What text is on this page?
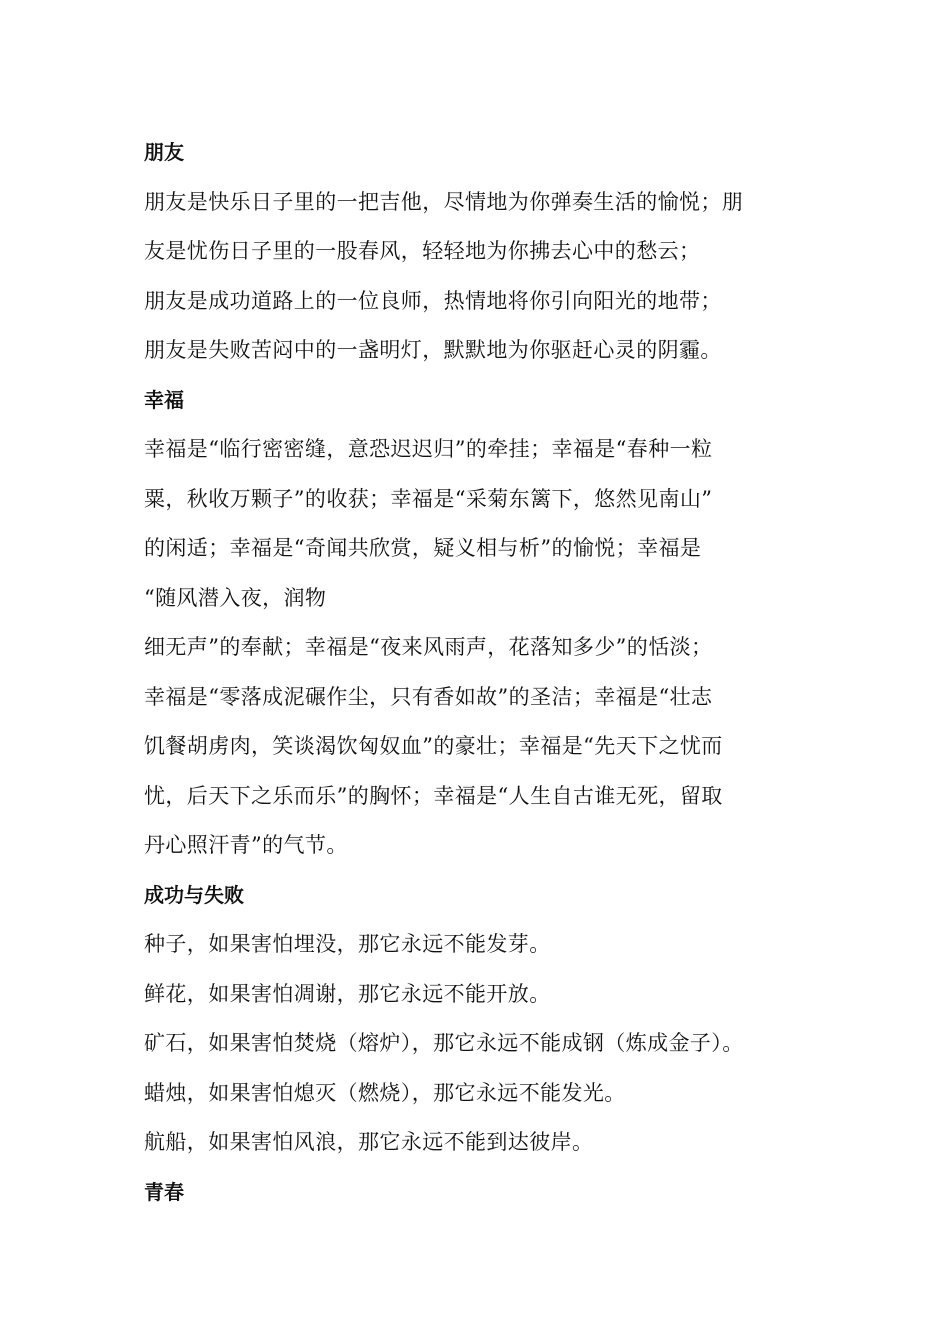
朋友
朋友是快乐日子里的一把吉他，尽情地为你弹奏生活的愉悦；朋
友是忧伤日子里的一股春风，轻轻地为你拂去心中的愁云；
朋友是成功道路上的一位良师，热情地将你引向阳光的地带；
朋友是失败苦闷中的一盏明灯，默默地为你驱赶心灵的阴霾。
幸福
幸福是“临行密密缝，意恐迟迟归”的牵挂；幸福是“春种一粒
粟，秋收万颗子”的收获；幸福是“采菊东篱下，悠然见南山”
的闲适；幸福是“奇闻共欣赏，疑义相与析”的愉悦；幸福是
“随风潜入夜，润物
细无声”的奉献；幸福是“夜来风雨声，花落知多少”的恬淡；
幸福是“零落成泥碾作尘，只有香如故”的圣洁；幸福是“壮志
饥餐胡虏肉，笑谈渴饮匈奴血”的豪壮；幸福是“先天下之忧而
忧，后天下之乐而乐”的胸怀；幸福是“人生自古谁无死，留取
丹心照汗青”的气节。
成功与失败
种子，如果害怕埋没，那它永远不能发芽。
鲜花，如果害怕凋谢，那它永远不能开放。
矿石，如果害怕焚烧（熔炉），那它永远不能成钢（炼成金子）。
蜡烛，如果害怕熄灭（燃烧），那它永远不能发光。
航船，如果害怕风浪，那它永远不能到达彼岸。
青春
